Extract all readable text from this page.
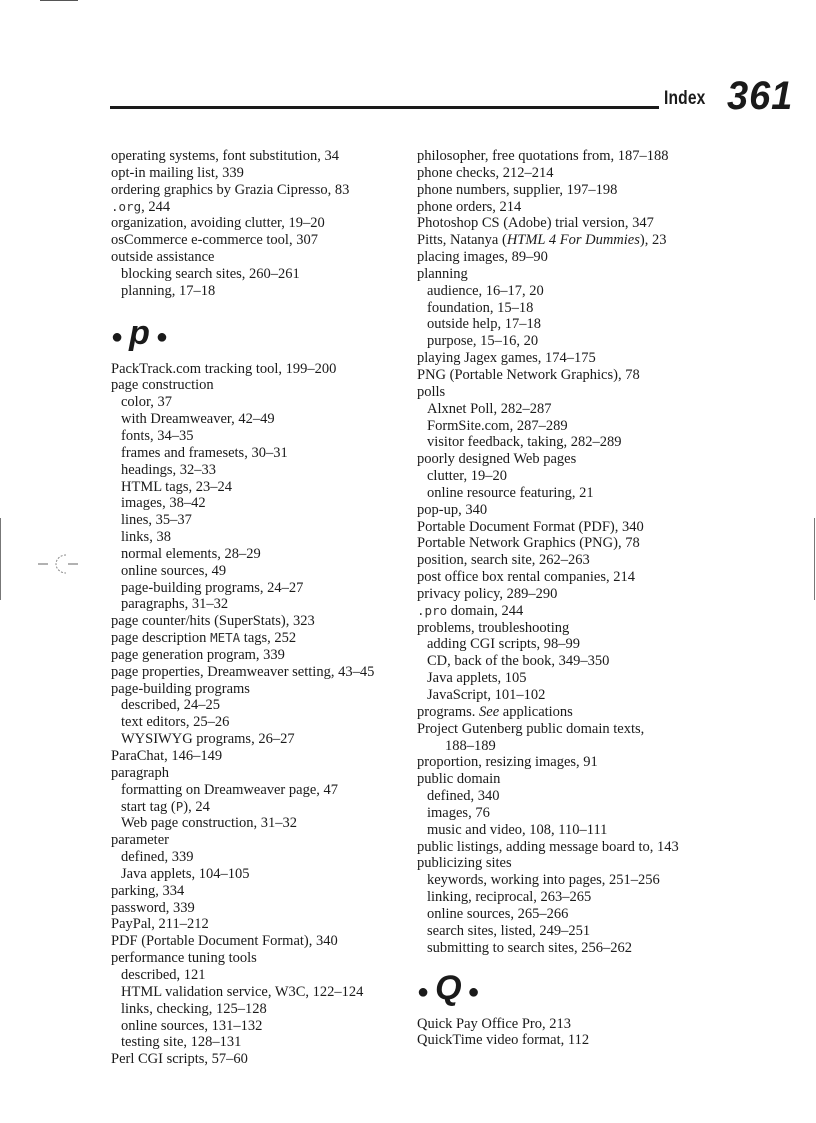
Index 361
operating systems, font substitution, 34
opt-in mailing list, 339
ordering graphics by Grazia Cipresso, 83
.org, 244
organization, avoiding clutter, 19–20
osCommerce e-commerce tool, 307
outside assistance
blocking search sites, 260–261
planning, 17–18
● p ●
PackTrack.com tracking tool, 199–200
page construction
color, 37
with Dreamweaver, 42–49
fonts, 34–35
frames and framesets, 30–31
headings, 32–33
HTML tags, 23–24
images, 38–42
lines, 35–37
links, 38
normal elements, 28–29
online sources, 49
page-building programs, 24–27
paragraphs, 31–32
page counter/hits (SuperStats), 323
page description META tags, 252
page generation program, 339
page properties, Dreamweaver setting, 43–45
page-building programs
described, 24–25
text editors, 25–26
WYSIWYG programs, 26–27
ParaChat, 146–149
paragraph
formatting on Dreamweaver page, 47
start tag (P), 24
Web page construction, 31–32
parameter
defined, 339
Java applets, 104–105
parking, 334
password, 339
PayPal, 211–212
PDF (Portable Document Format), 340
performance tuning tools
described, 121
HTML validation service, W3C, 122–124
links, checking, 125–128
online sources, 131–132
testing site, 128–131
Perl CGI scripts, 57–60
philosopher, free quotations from, 187–188
phone checks, 212–214
phone numbers, supplier, 197–198
phone orders, 214
Photoshop CS (Adobe) trial version, 347
Pitts, Natanya (HTML 4 For Dummies), 23
placing images, 89–90
planning
audience, 16–17, 20
foundation, 15–18
outside help, 17–18
purpose, 15–16, 20
playing Jagex games, 174–175
PNG (Portable Network Graphics), 78
polls
Alxnet Poll, 282–287
FormSite.com, 287–289
visitor feedback, taking, 282–289
poorly designed Web pages
clutter, 19–20
online resource featuring, 21
pop-up, 340
Portable Document Format (PDF), 340
Portable Network Graphics (PNG), 78
position, search site, 262–263
post office box rental companies, 214
privacy policy, 289–290
.pro domain, 244
problems, troubleshooting
adding CGI scripts, 98–99
CD, back of the book, 349–350
Java applets, 105
JavaScript, 101–102
programs. See applications
Project Gutenberg public domain texts,
188–189
proportion, resizing images, 91
public domain
defined, 340
images, 76
music and video, 108, 110–111
public listings, adding message board to, 143
publicizing sites
keywords, working into pages, 251–256
linking, reciprocal, 263–265
online sources, 265–266
search sites, listed, 249–251
submitting to search sites, 256–262
● Q ●
Quick Pay Office Pro, 213
QuickTime video format, 112
